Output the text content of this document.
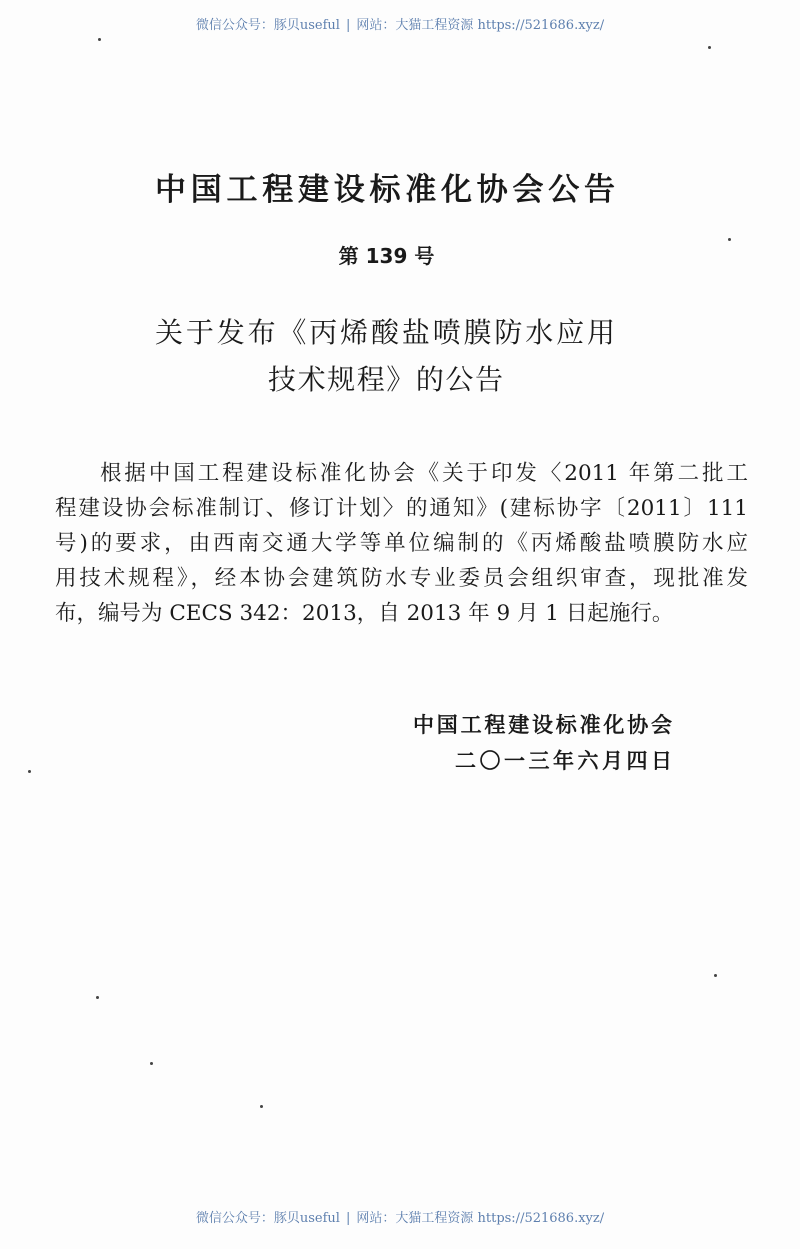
微信公众号：豚贝useful | 网站：大猫工程资源 https://521686.xyz/
中国工程建设标准化协会公告
第 139 号
关于发布《丙烯酸盐喷膜防水应用
技术规程》的公告
根据中国工程建设标准化协会《关于印发〈2011 年第二批工
程建设协会标准制订、修订计划〉的通知》(建标协字〔2011〕111
号)的要求，由西南交通大学等单位编制的《丙烯酸盐喷膜防水应
用技术规程》，经本协会建筑防水专业委员会组织审查，现批准发
布，编号为 CECS 342：2013，自 2013 年 9 月 1 日起施行。
中国工程建设标准化协会
二〇一三年六月四日
微信公众号：豚贝useful | 网站：大猫工程资源 https://521686.xyz/
